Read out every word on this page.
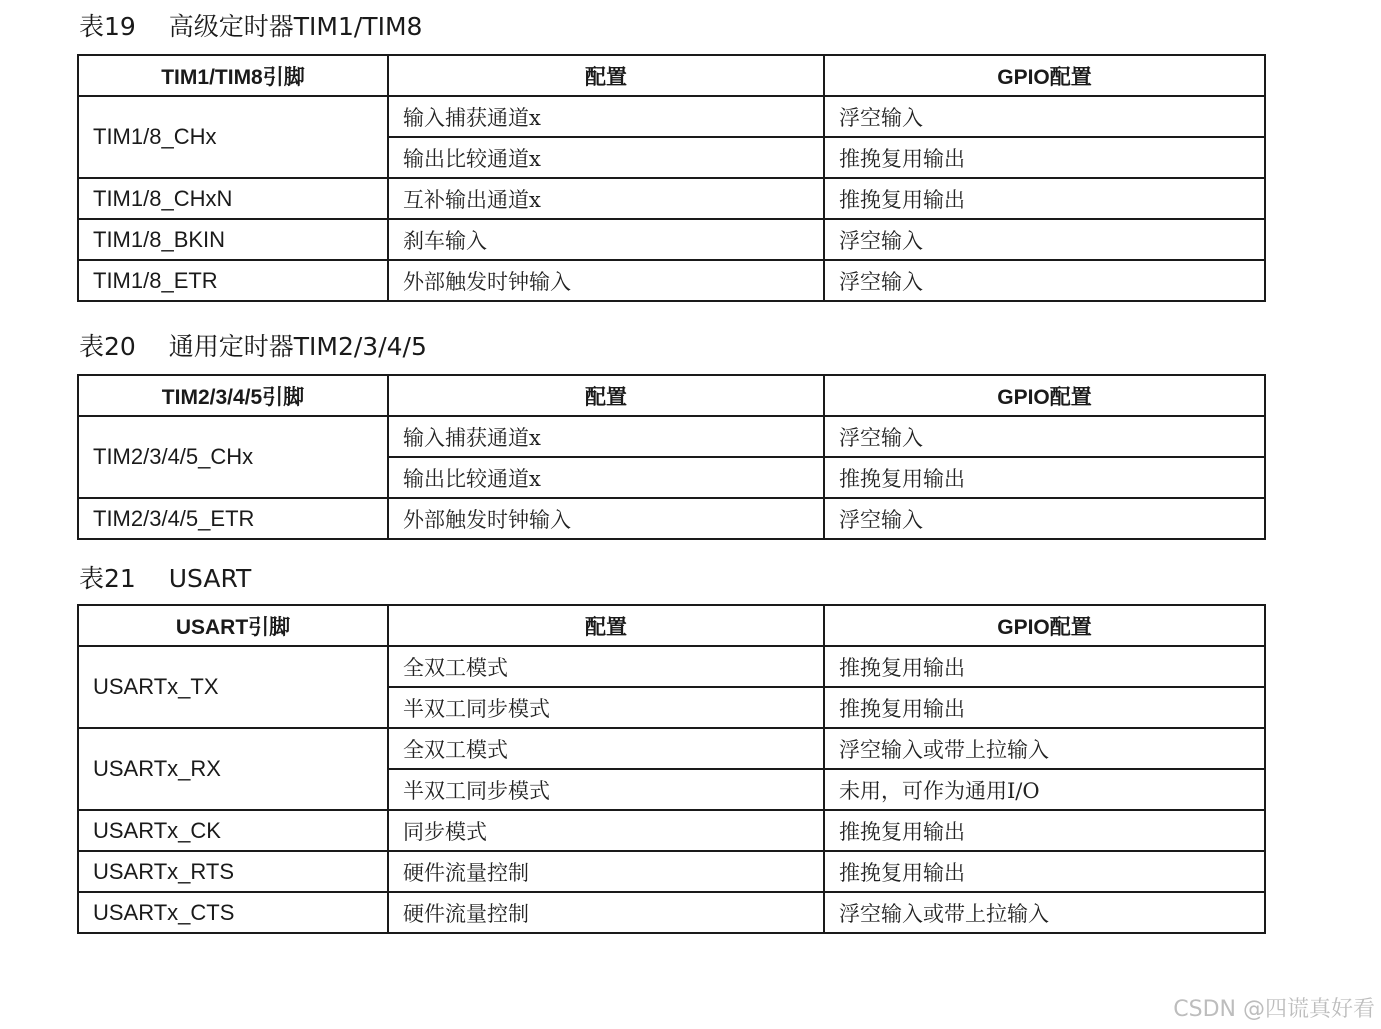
表19　 高级定时器TIM1/TIM8
TIM1/TIM8引脚	配置	GPIO配置
TIM1/8_CHx	输入捕获通道x	浮空输入
	输出比较通道x	推挽复用输出
TIM1/8_CHxN	互补输出通道x	推挽复用输出
TIM1/8_BKIN	刹车输入	浮空输入
TIM1/8_ETR	外部触发时钟输入	浮空输入
表20　 通用定时器TIM2/3/4/5
TIM2/3/4/5引脚	配置	GPIO配置
TIM2/3/4/5_CHx	输入捕获通道x	浮空输入
	输出比较通道x	推挽复用输出
TIM2/3/4/5_ETR	外部触发时钟输入	浮空输入
表21　 USART
USART引脚	配置	GPIO配置
USARTx_TX	全双工模式	推挽复用输出
	半双工同步模式	推挽复用输出
USARTx_RX	全双工模式	浮空输入或带上拉输入
	半双工同步模式	未用，可作为通用I/O
USARTx_CK	同步模式	推挽复用输出
USARTx_RTS	硬件流量控制	推挽复用输出
USARTx_CTS	硬件流量控制	浮空输入或带上拉输入
CSDN @四谎真好看
